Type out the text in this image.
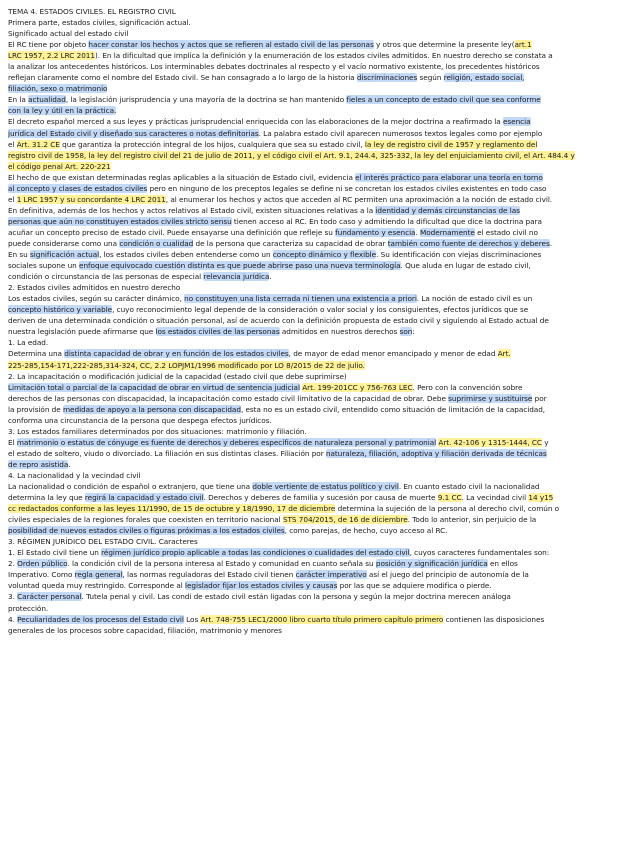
TEMA 4. ESTADOS CIVILES. EL REGISTRO CIVIL
Primera parte, estados civiles, significación actual.
Significado actual del estado civil
El RC tiene por objeto hacer constar los hechos y actos que se refieren al estado civil de las personas y otros que determine la presente ley(art.1
LRC 1957, 2.2 LRC 2011). En la dificultad que implica la definición y la enumeración de los estados civiles admitidos. En nuestro derecho se constata a
la analizar los antecedentes históricos. Los interminables debates doctrinales al respecto y el vacío normativo existente, los precedentes históricos
reflejan claramente como el nombre del Estado civil. Se han consagrado a lo largo de la historia discriminaciones según religión, estado social,
filiación, sexo o matrimonio
En la actualidad, la legislación jurisprudencia y una mayoría de la doctrina se han mantenido fieles a un concepto de estado civil que sea conforme
con la ley y útil en la práctica.
El decreto español merced a sus leyes y prácticas jurisprudencial enriquecida con las elaboraciones de la mejor doctrina a reafirmado la esencia
jurídica del Estado civil y diseñado sus caracteres o notas definitorias. La palabra estado civil aparecen numerosos textos legales como por ejemplo
el Art. 31.2 CE que garantiza la protección integral de los hijos, cualquiera que sea su estado civil, la ley de registro civil de 1957 y reglamento del
registro civil de 1958, la ley del registro civil del 21 de julio de 2011, y el código civil el Art. 9.1, 244.4, 325-332, la ley del enjuiciamiento civil, el Art. 484.4 y
el código penal Art. 220-221
El hecho de que existan determinadas reglas aplicables a la situación de Estado civil, evidencia el interés práctico para elaborar una teoría en torno
al concepto y clases de estados civiles pero en ninguno de los preceptos legales se define ni se concretan los estados civiles existentes en todo caso
el 1 LRC 1957 y su concordante 4 LRC 2011, al enumerar los hechos y actos que acceden al RC permiten una aproximación a la noción de estado civil.
En definitiva, además de los hechos y actos relativos al Estado civil, existen situaciones relativas a la identidad y demás circunstancias de las
personas que aún no constituyen estados civiles stricto sensu tienen acceso al RC. En todo caso y admitiendo la dificultad que dice la doctrina para
acuñar un concepto preciso de estado civil. Puede ensayarse una definición que refleje su fundamento y esencia. Modernamente el estado civil no
puede considerarse como una condición o cualidad de la persona que caracteriza su capacidad de obrar también como fuente de derechos y deberes.
En su significación actual, los estados civiles deben entenderse como un concepto dinámico y flexible. Su identificación con viejas discriminaciones
sociales supone un enfoque equivocado cuestión distinta es que puede abrirse paso una nueva terminología. Que aluda en lugar de estado civil,
condición o circunstancia de las personas de especial relevancia jurídica.
2. Estados civiles admitidos en nuestro derecho
Los estados civiles, según su carácter dinámico, no constituyen una lista cerrada ni tienen una existencia a priori. La noción de estado civil es un
concepto histórico y variable, cuyo reconocimiento legal depende de la consideración o valor social y los consiguientes, efectos jurídicos que se
deriven de una determinada condición o situación personal, así de acuerdo con la definición propuesta de estado civil y siguiendo al Estado actual de
nuestra legislación puede afirmarse que los estados civiles de las personas admitidos en nuestros derechos son:
1. La edad.
Determina una distinta capacidad de obrar y en función de los estados civiles, de mayor de edad menor emancipado y menor de edad Art.
225-285,154-171,222-285,314-324, CC, 2.2 LOPJM1/1996 modificado por LO 8/2015 de 22 de julio.
2. La incapacitación o modificación judicial de la capacidad (estado civil que debe suprimirse)
Limitación total o parcial de la capacidad de obrar en virtud de sentencia judicial Art. 199-201CC y 756-763 LEC. Pero con la convención sobre
derechos de las personas con discapacidad, la incapacitación como estado civil limitativo de la capacidad de obrar. Debe suprimirse y sustituirse por
la provisión de medidas de apoyo a la persona con discapacidad, esta no es un estado civil, entendido como situación de limitación de la capacidad,
conforma una circunstancia de la persona que despega efectos jurídicos.
3. Los estados familiares determinados por dos situaciones: matrimonio y filiación.
El matrimonio o estatus de cónyuge es fuente de derechos y deberes específicos de naturaleza personal y patrimonial Art. 42-106 y 1315-1444, CC y
el estado de soltero, viudo o divorciado. La filiación en sus distintas clases. Filiación por naturaleza, filiación, adoptiva y filiación derivada de técnicas
de repro asistida.
4. La nacionalidad y la vecindad civil
La nacionalidad o condición de español o extranjero, que tiene una doble vertiente de estatus político y civil. En cuanto estado civil la nacionalidad
determina la ley que regirá la capacidad y estado civil. Derechos y deberes de familia y sucesión por causa de muerte 9.1 CC. La vecindad civil 14 y15
cc redactados conforme a las leyes 11/1990, de 15 de octubre y 18/1990, 17 de diciembre determina la sujeción de la persona al derecho civil, común o
civiles especiales de la regiones forales que coexisten en territorio nacional STS 704/2015, de 16 de diciembre. Todo lo anterior, sin perjuicio de la
posibilidad de nuevos estados civiles o figuras próximas a los estados civiles, como parejas, de hecho, cuyo acceso al RC.
3. RÉGIMEN JURÍDICO DEL ESTADO CIVIL. Caracteres
1. El Estado civil tiene un régimen jurídico propio aplicable a todas las condiciones o cualidades del estado civil, cuyos caracteres fundamentales son:
2. Orden público. la condición civil de la persona interesa al Estado y comunidad en cuanto señala su posición y significación jurídica en ellos
Imperativo. Como regla general, las normas reguladoras del Estado civil tienen carácter imperativo así el juego del principio de autonomía de la
voluntad queda muy restringido. Corresponde al legislador fijar los estados civiles y causas por las que se adquiere modifica o pierde.
3. Carácter personal. Tutela penal y civil. Las condi de estado civil están ligadas con la persona y según la mejor doctrina merecen análoga
protección.
4. Peculiaridades de los procesos del Estado civil Los Art. 748-755 LEC1/2000 libro cuarto título primero capítulo primero contienen las disposiciones
generales de los procesos sobre capacidad, filiación, matrimonio y menores
